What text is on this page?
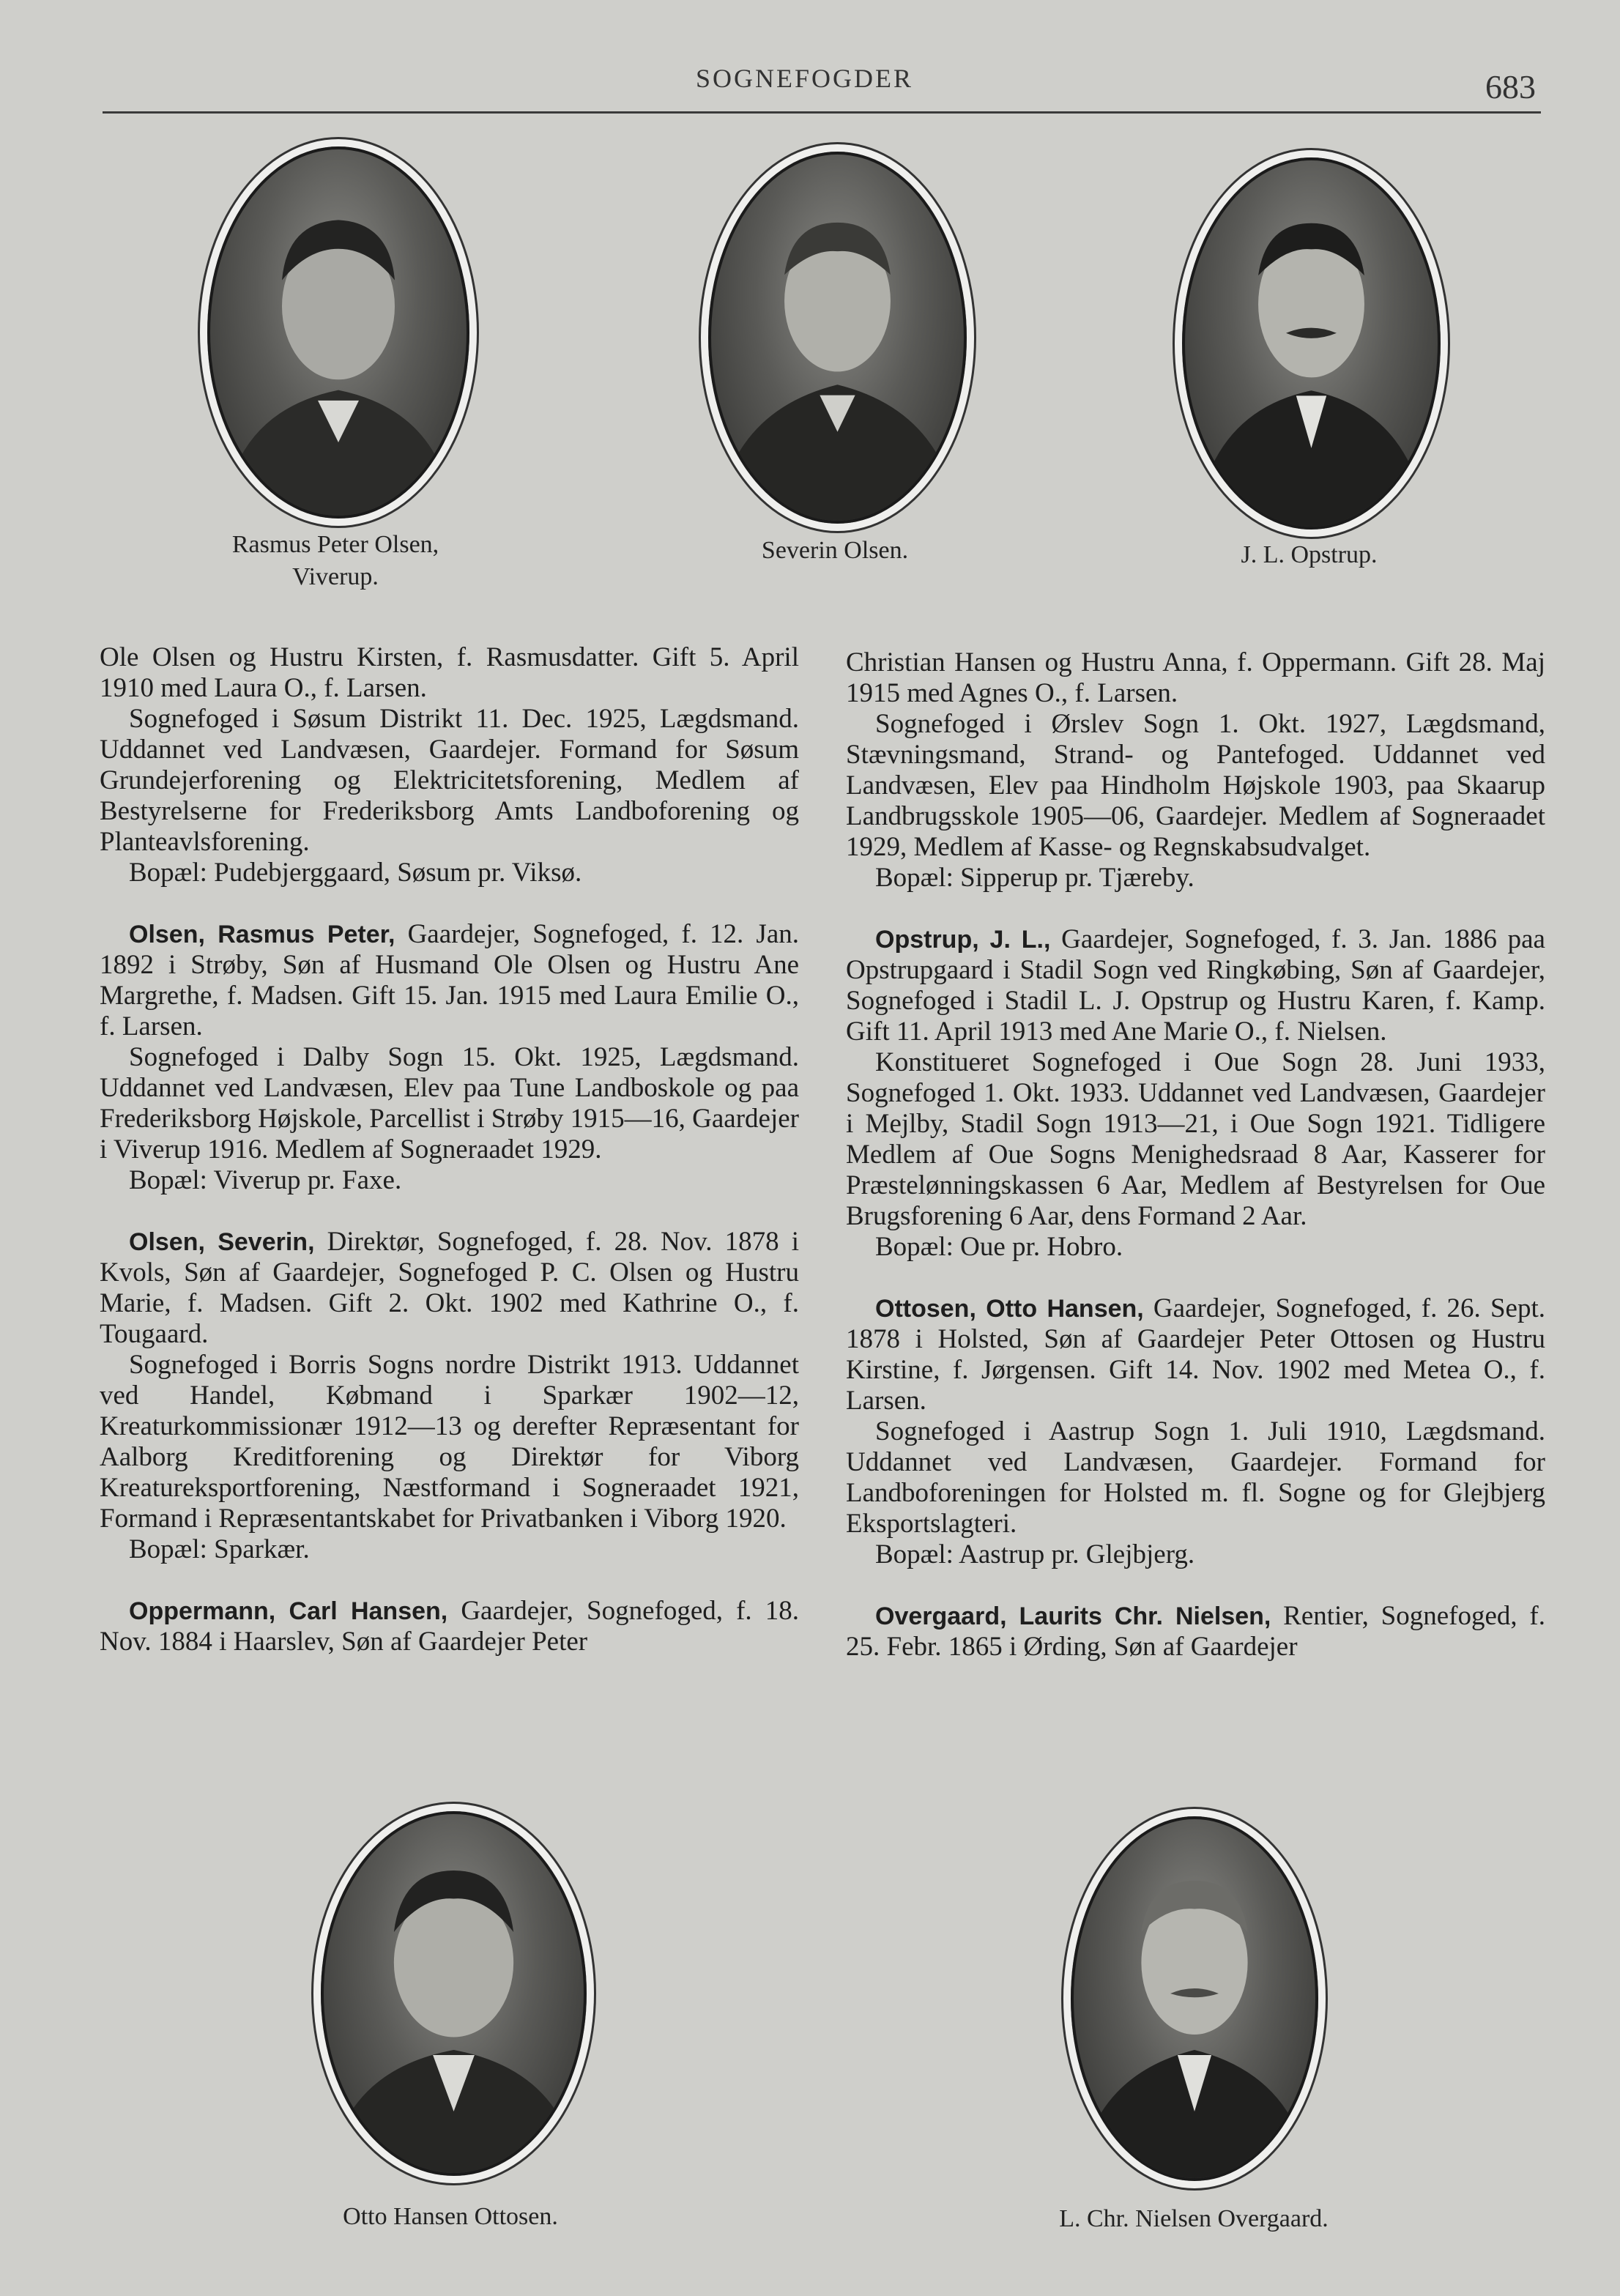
SOGNEFOGDER	683
Rasmus Peter Olsen,
Viverup.
Severin Olsen.	J. L. Opstrup.

Ole Olsen og Hustru Kirsten, f. Rasmusdatter. Gift 5. April 1910 med Laura O., f. Larsen.

Sognefoged i Søsum Distrikt 11. Dec. 1925, Lægdsmand. Uddannet ved Landvæsen, Gaardejer. Formand for Søsum Grundejerforening og Elektricitetsforening, Medlem af Bestyrelserne for Frederiksborg Amts Landboforening og Planteavlsforening.

Bopæl: Pudebjerggaard, Søsum pr. Viksø.

Olsen, Rasmus Peter, Gaardejer, Sognefoged, f. 12. Jan. 1892 i Strøby, Søn af Husmand Ole Olsen og Hustru Ane Margrethe, f. Madsen. Gift 15. Jan. 1915 med Laura Emilie O., f. Larsen.

Sognefoged i Dalby Sogn 15. Okt. 1925, Lægdsmand. Uddannet ved Landvæsen, Elev paa Tune Landboskole og paa Frederiksborg Højskole, Parcellist i Strøby 1915—16, Gaardejer i Viverup 1916. Medlem af Sogneraadet 1929.

Bopæl: Viverup pr. Faxe.

Olsen, Severin, Direktør, Sognefoged, f. 28. Nov. 1878 i Kvols, Søn af Gaardejer, Sognefoged P. C. Olsen og Hustru Marie, f. Madsen. Gift 2. Okt. 1902 med Kathrine O., f. Tougaard.

Sognefoged i Borris Sogns nordre Distrikt 1913. Uddannet ved Handel, Købmand i Sparkær 1902—12, Kreaturkommissionær 1912—13 og derefter Repræsentant for Aalborg Kreditforening og Direktør for Viborg Kreatureksportforening, Næstformand i Sogneraadet 1921, Formand i Repræsentantskabet for Privatbanken i Viborg 1920.

Bopæl: Sparkær.

Oppermann, Carl Hansen, Gaardejer, Sognefoged, f. 18. Nov. 1884 i Haarslev, Søn af Gaardejer Peter

Christian Hansen og Hustru Anna, f. Oppermann. Gift 28. Maj 1915 med Agnes O., f. Larsen.

Sognefoged i Ørslev Sogn 1. Okt. 1927, Lægdsmand, Stævningsmand, Strand- og Pantefoged. Uddannet ved Landvæsen, Elev paa Hindholm Højskole 1903, paa Skaarup Landbrugsskole 1905—06, Gaardejer. Medlem af Sogneraadet 1929, Medlem af Kasse- og Regnskabsudvalget.

Bopæl: Sipperup pr. Tjæreby.

Opstrup, J. L., Gaardejer, Sognefoged, f. 3. Jan. 1886 paa Opstrupgaard i Stadil Sogn ved Ringkøbing, Søn af Gaardejer, Sognefoged i Stadil L. J. Opstrup og Hustru Karen, f. Kamp. Gift 11. April 1913 med Ane Marie O., f. Nielsen.

Konstitueret Sognefoged i Oue Sogn 28. Juni 1933, Sognefoged 1. Okt. 1933. Uddannet ved Landvæsen, Gaardejer i Mejlby, Stadil Sogn 1913—21, i Oue Sogn 1921. Tidligere Medlem af Oue Sogns Menighedsraad 8 Aar, Kasserer for Præstelønningskassen 6 Aar, Medlem af Bestyrelsen for Oue Brugsforening 6 Aar, dens Formand 2 Aar.

Bopæl: Oue pr. Hobro.

Ottosen, Otto Hansen, Gaardejer, Sognefoged, f. 26. Sept. 1878 i Holsted, Søn af Gaardejer Peter Ottosen og Hustru Kirstine, f. Jørgensen. Gift 14. Nov. 1902 med Metea O., f. Larsen.

Sognefoged i Aastrup Sogn 1. Juli 1910, Lægdsmand. Uddannet ved Landvæsen, Gaardejer. Formand for Landboforeningen for Holsted m. fl. Sogne og for Glejbjerg Eksportslagteri.

Bopæl: Aastrup pr. Glejbjerg.

Overgaard, Laurits Chr. Nielsen, Rentier, Sognefoged, f. 25. Febr. 1865 i Ørding, Søn af Gaardejer

Otto Hansen Ottosen.	L. Chr. Nielsen Overgaard.
